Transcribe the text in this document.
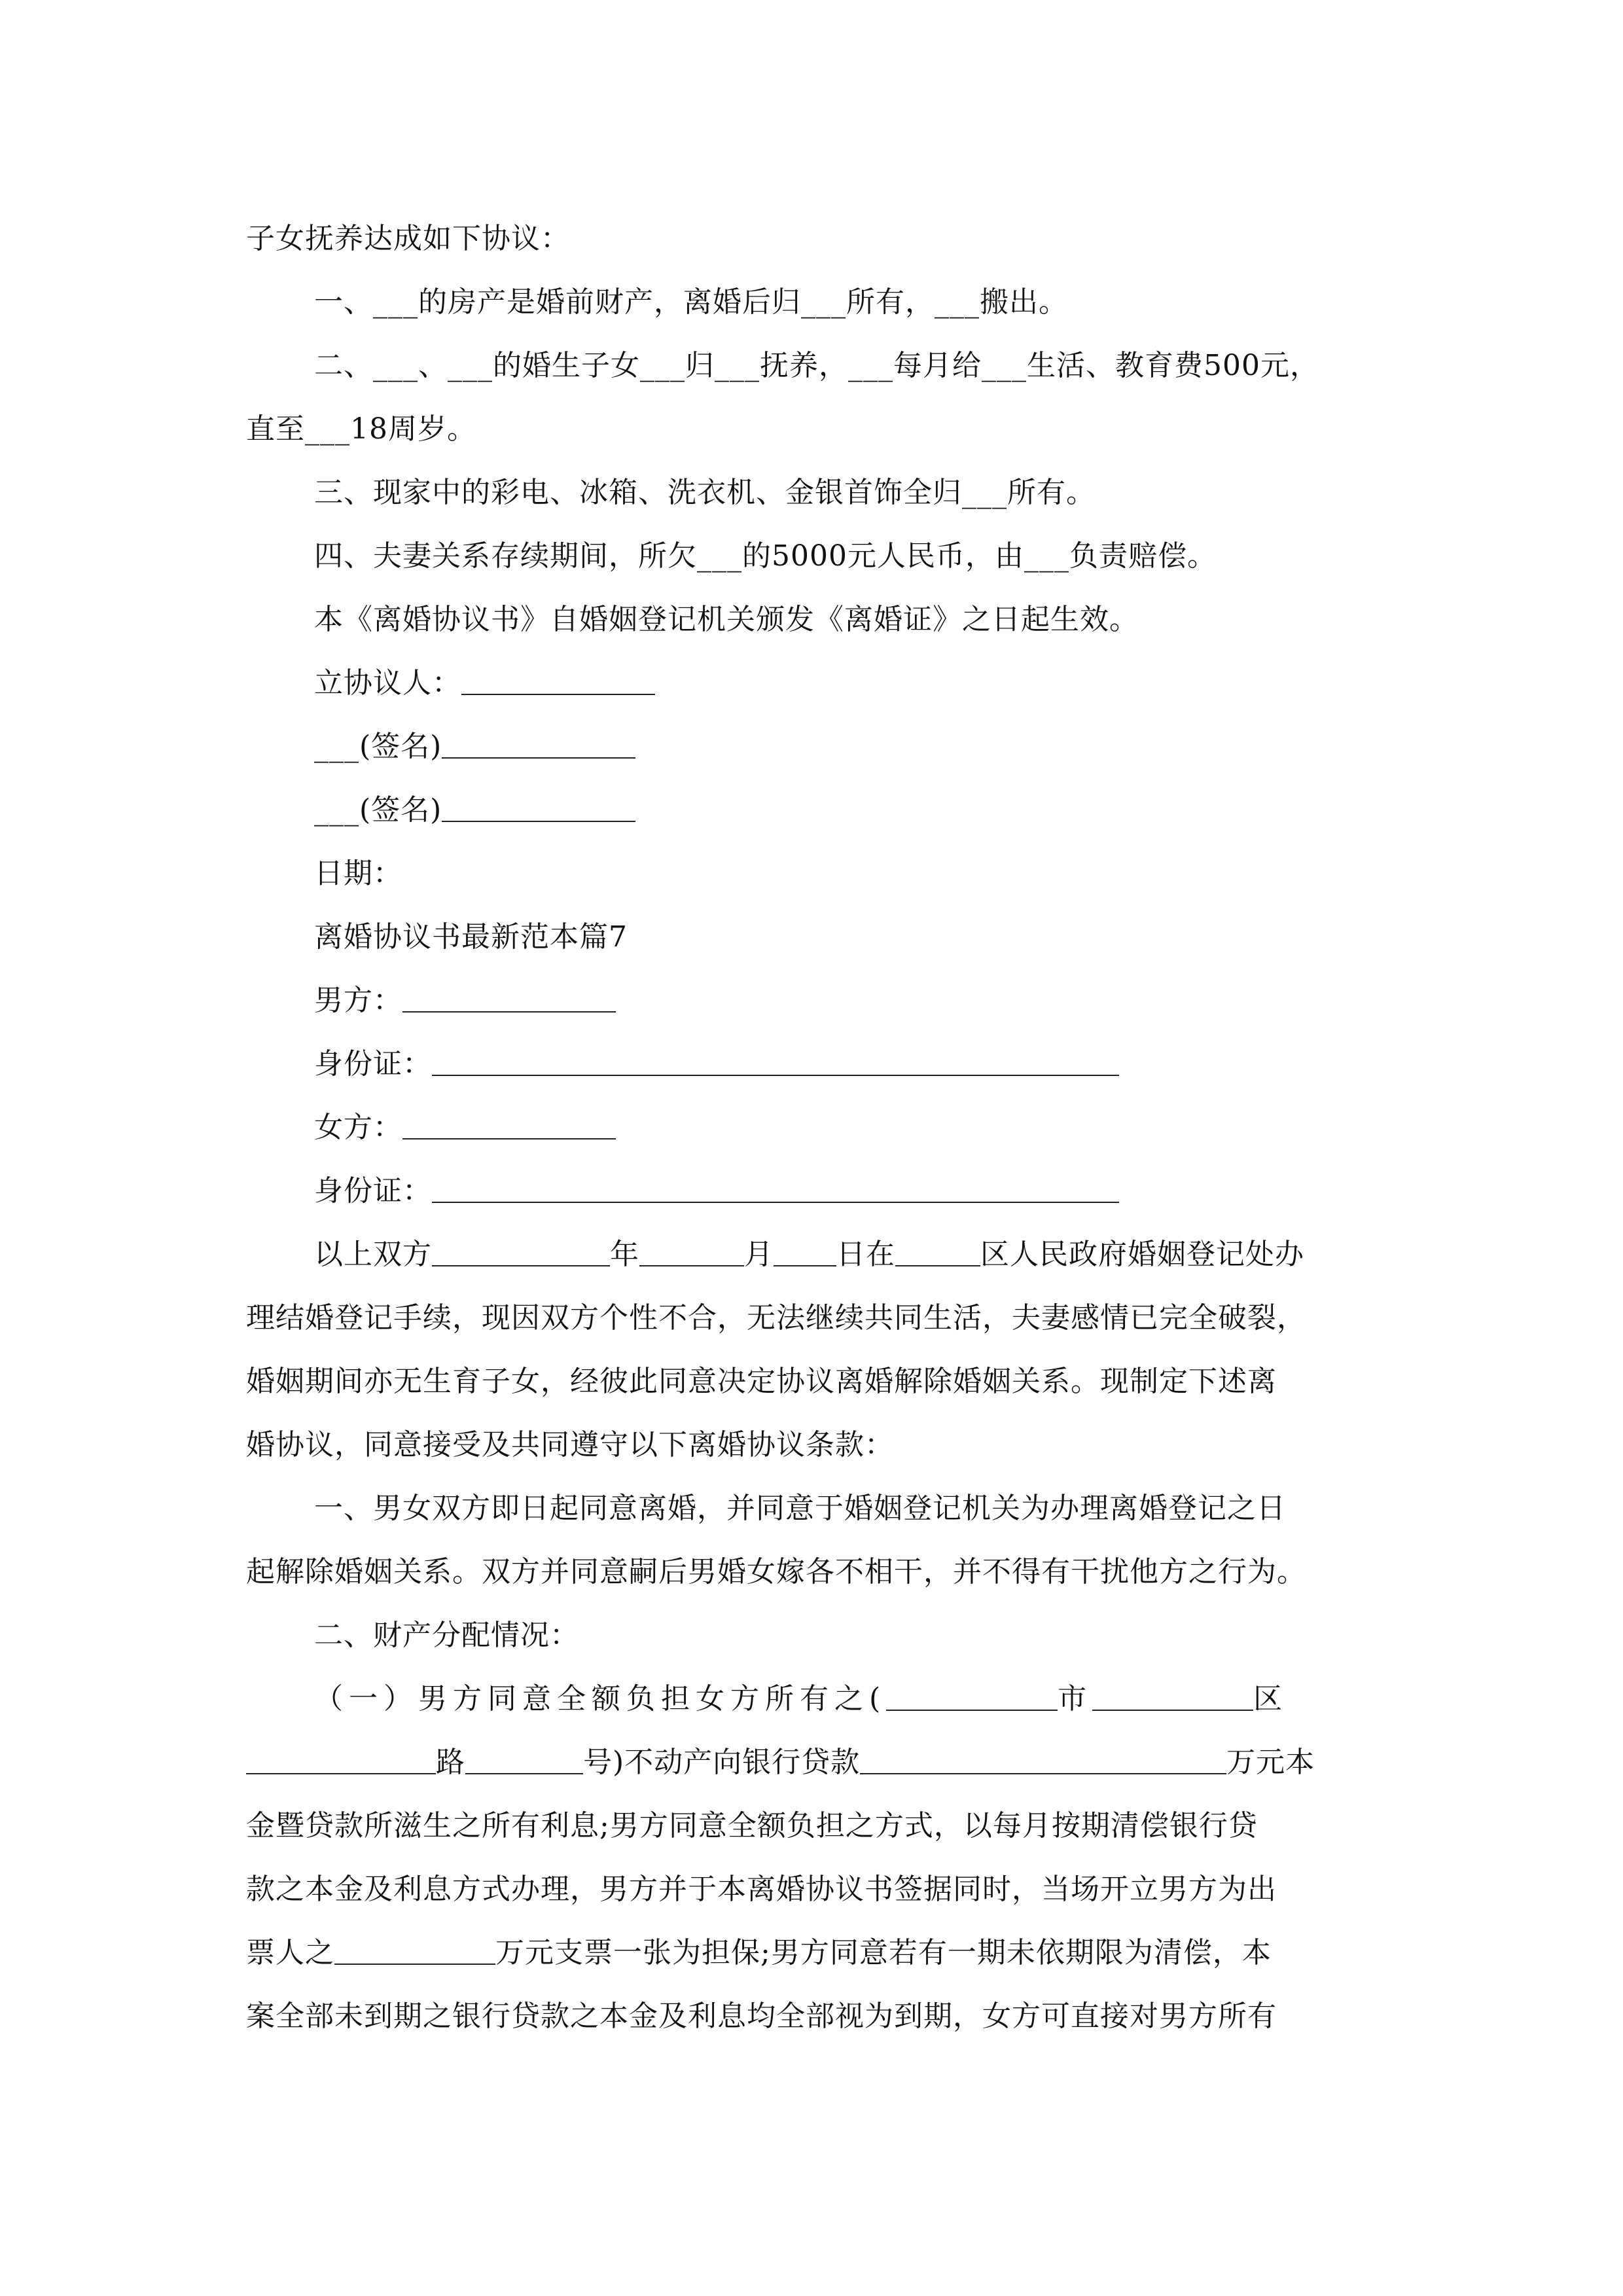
子女抚养达成如下协议：
一、___的房产是婚前财产，离婚后归___所有，___搬出。
二、___、___的婚生子女___归___抚养，___每月给___生活、教育费500元，
直至___18周岁。
三、现家中的彩电、冰箱、洗衣机、金银首饰全归___所有。
四、夫妻关系存续期间，所欠___的5000元人民币，由___负责赔偿。
本《离婚协议书》自婚姻登记机关颁发《离婚证》之日起生效。
立协议人：
___(签名)
___(签名)
日期：
离婚协议书最新范本篇7
男方：
身份证：
女方：
身份证：
以上双方	年	月 日在	区人民政府婚姻登记处办
理结婚登记手续，现因双方个性不合，无法继续共同生活，夫妻感情已完全破裂，
婚姻期间亦无生育子女，经彼此同意决定协议离婚解除婚姻关系。现制定下述离
婚协议，同意接受及共同遵守以下离婚协议条款：
一、男女双方即日起同意离婚，并同意于婚姻登记机关为办理离婚登记之日
起解除婚姻关系。双方并同意嗣后男婚女嫁各不相干，并不得有干扰他方之行为。
二、财产分配情况：
（一）男方同意全额负担女方所有之(	市	区
路	号)不动产向银行贷款	万元本
金暨贷款所滋生之所有利息;男方同意全额负担之方式，以每月按期清偿银行贷
款之本金及利息方式办理，男方并于本离婚协议书签据同时，当场开立男方为出
票人之	万元支票一张为担保;男方同意若有一期未依期限为清偿，本
案全部未到期之银行贷款之本金及利息均全部视为到期，女方可直接对男方所有
